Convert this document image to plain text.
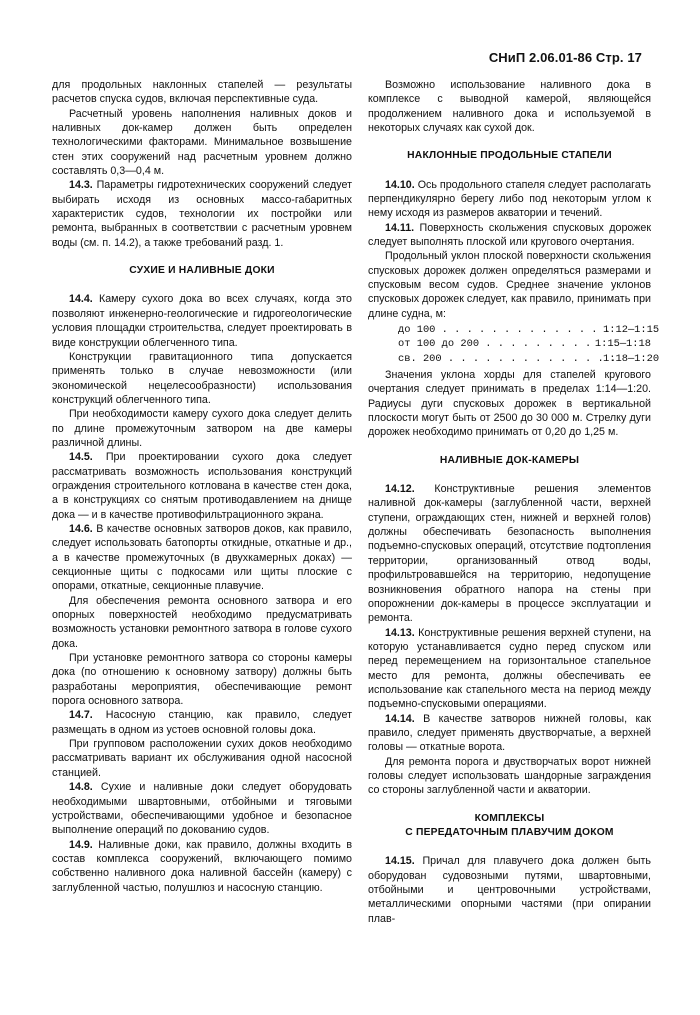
СНиП 2.06.01-86 Стр. 17

для продольных наклонных стапелей — результаты расчетов спуска судов, включая перспективные суда.

Расчетный уровень наполнения наливных доков и наливных док-камер должен быть определен технологическими факторами. Минимальное возвышение стен этих сооружений над расчетным уровнем должно составлять 0,3—0,4 м.

14.3. Параметры гидротехнических сооружений следует выбирать исходя из основных массо-габаритных характеристик судов, технологии их постройки или ремонта, выбранных в соответствии с расчетным уровнем воды (см. п. 14.2), а также требований разд. 1.

СУХИЕ И НАЛИВНЫЕ ДОКИ

14.4. Камеру сухого дока во всех случаях, когда это позволяют инженерно-геологические и гидрогеологические условия площадки строительства, следует проектировать в виде конструкции облегченного типа.

Конструкции гравитационного типа допускается применять только в случае невозможности (или экономической нецелесообразности) использования конструкций облегченного типа.

При необходимости камеру сухого дока следует делить по длине промежуточным затвором на две камеры различной длины.

14.5. При проектировании сухого дока следует рассматривать возможность использования конструкций ограждения строительного котлована в качестве стен дока, а в конструкциях со снятым противодавлением на днище дока — и в качестве противофильтрационного экрана.

14.6. В качестве основных затворов доков, как правило, следует использовать батопорты откидные, откатные и др., а в качестве промежуточных (в двухкамерных доках) — секционные щиты с подкосами или щиты плоские с опорами, откатные, секционные плавучие.

Для обеспечения ремонта основного затвора и его опорных поверхностей необходимо предусматривать возможность установки ремонтного затвора в голове сухого дока.

При установке ремонтного затвора со стороны камеры дока (по отношению к основному затвору) должны быть разработаны мероприятия, обеспечивающие ремонт порога основного затвора.

14.7. Насосную станцию, как правило, следует размещать в одном из устоев основной головы дока.

При групповом расположении сухих доков необходимо рассматривать вариант их обслуживания одной насосной станцией.

14.8. Сухие и наливные доки следует оборудовать необходимыми швартовными, отбойными и тяговыми устройствами, обеспечивающими удобное и безопасное выполнение операций по докованию судов.

14.9. Наливные доки, как правило, должны входить в состав комплекса сооружений, включающего помимо собственно наливного дока наливной бассейн (камеру) с заглубленной частью, полушлюз и насосную станцию.

Возможно использование наливного дока в комплексе с выводной камерой, являющейся продолжением наливного дока и используемой в некоторых случаях как сухой док.

НАКЛОННЫЕ ПРОДОЛЬНЫЕ СТАПЕЛИ

14.10. Ось продольного стапеля следует располагать перпендикулярно берегу либо под некоторым углом к нему исходя из размеров акватории и течений.

14.11. Поверхность скольжения спусковых дорожек следует выполнять плоской или кругового очертания.

Продольный уклон плоской поверхности скольжения спусковых дорожек должен определяться размерами и спусковым весом судов. Среднее значение уклонов спусковых дорожек следует, как правило, принимать при длине судна, м:

до 100 . . . . . . . . . . . . . .
1:12—1:15
от 100 до 200 . . . . . . . . . 1:15—1:18
св. 200 . . . . . . . . . . . . . .
1:18—1:20

Значения уклона хорды для стапелей кругового очертания следует принимать в пределах 1:14—1:20. Радиусы дуги спусковых дорожек в вертикальной плоскости могут быть от 2500 до 30 000 м. Стрелку дуги дорожек необходимо принимать от 0,20 до 1,25 м.

НАЛИВНЫЕ ДОК-КАМЕРЫ

14.12. Конструктивные решения элементов наливной док-камеры (заглубленной части, верхней ступени, ограждающих стен, нижней и верхней голов) должны обеспечивать безопасность выполнения подъемно-спусковых операций, отсутствие подтопления территории, организованный отвод воды, профильтровавшейся на территорию, недопущение возникновения обратного напора на стены при опорожнении док-камеры в процессе эксплуатации и ремонта.

14.13. Конструктивные решения верхней ступени, на которую устанавливается судно перед спуском или перед перемещением на горизонтальное стапельное место для ремонта, должны обеспечивать ее использование как стапельного места на период между подъемно-спусковыми операциями.

14.14. В качестве затворов нижней головы, как правило, следует применять двустворчатые, а верхней головы — откатные ворота.

Для ремонта порога и двустворчатых ворот нижней головы следует использовать шандорные заграждения со стороны заглубленной части и акватории.

КОМПЛЕКСЫ
С ПЕРЕДАТОЧНЫМ ПЛАВУЧИМ ДОКОМ

14.15. Причал для плавучего дока должен быть оборудован судовозными путями, швартовными, отбойными и центровочными устройствами, металлическими опорными частями (при опирании плав-
